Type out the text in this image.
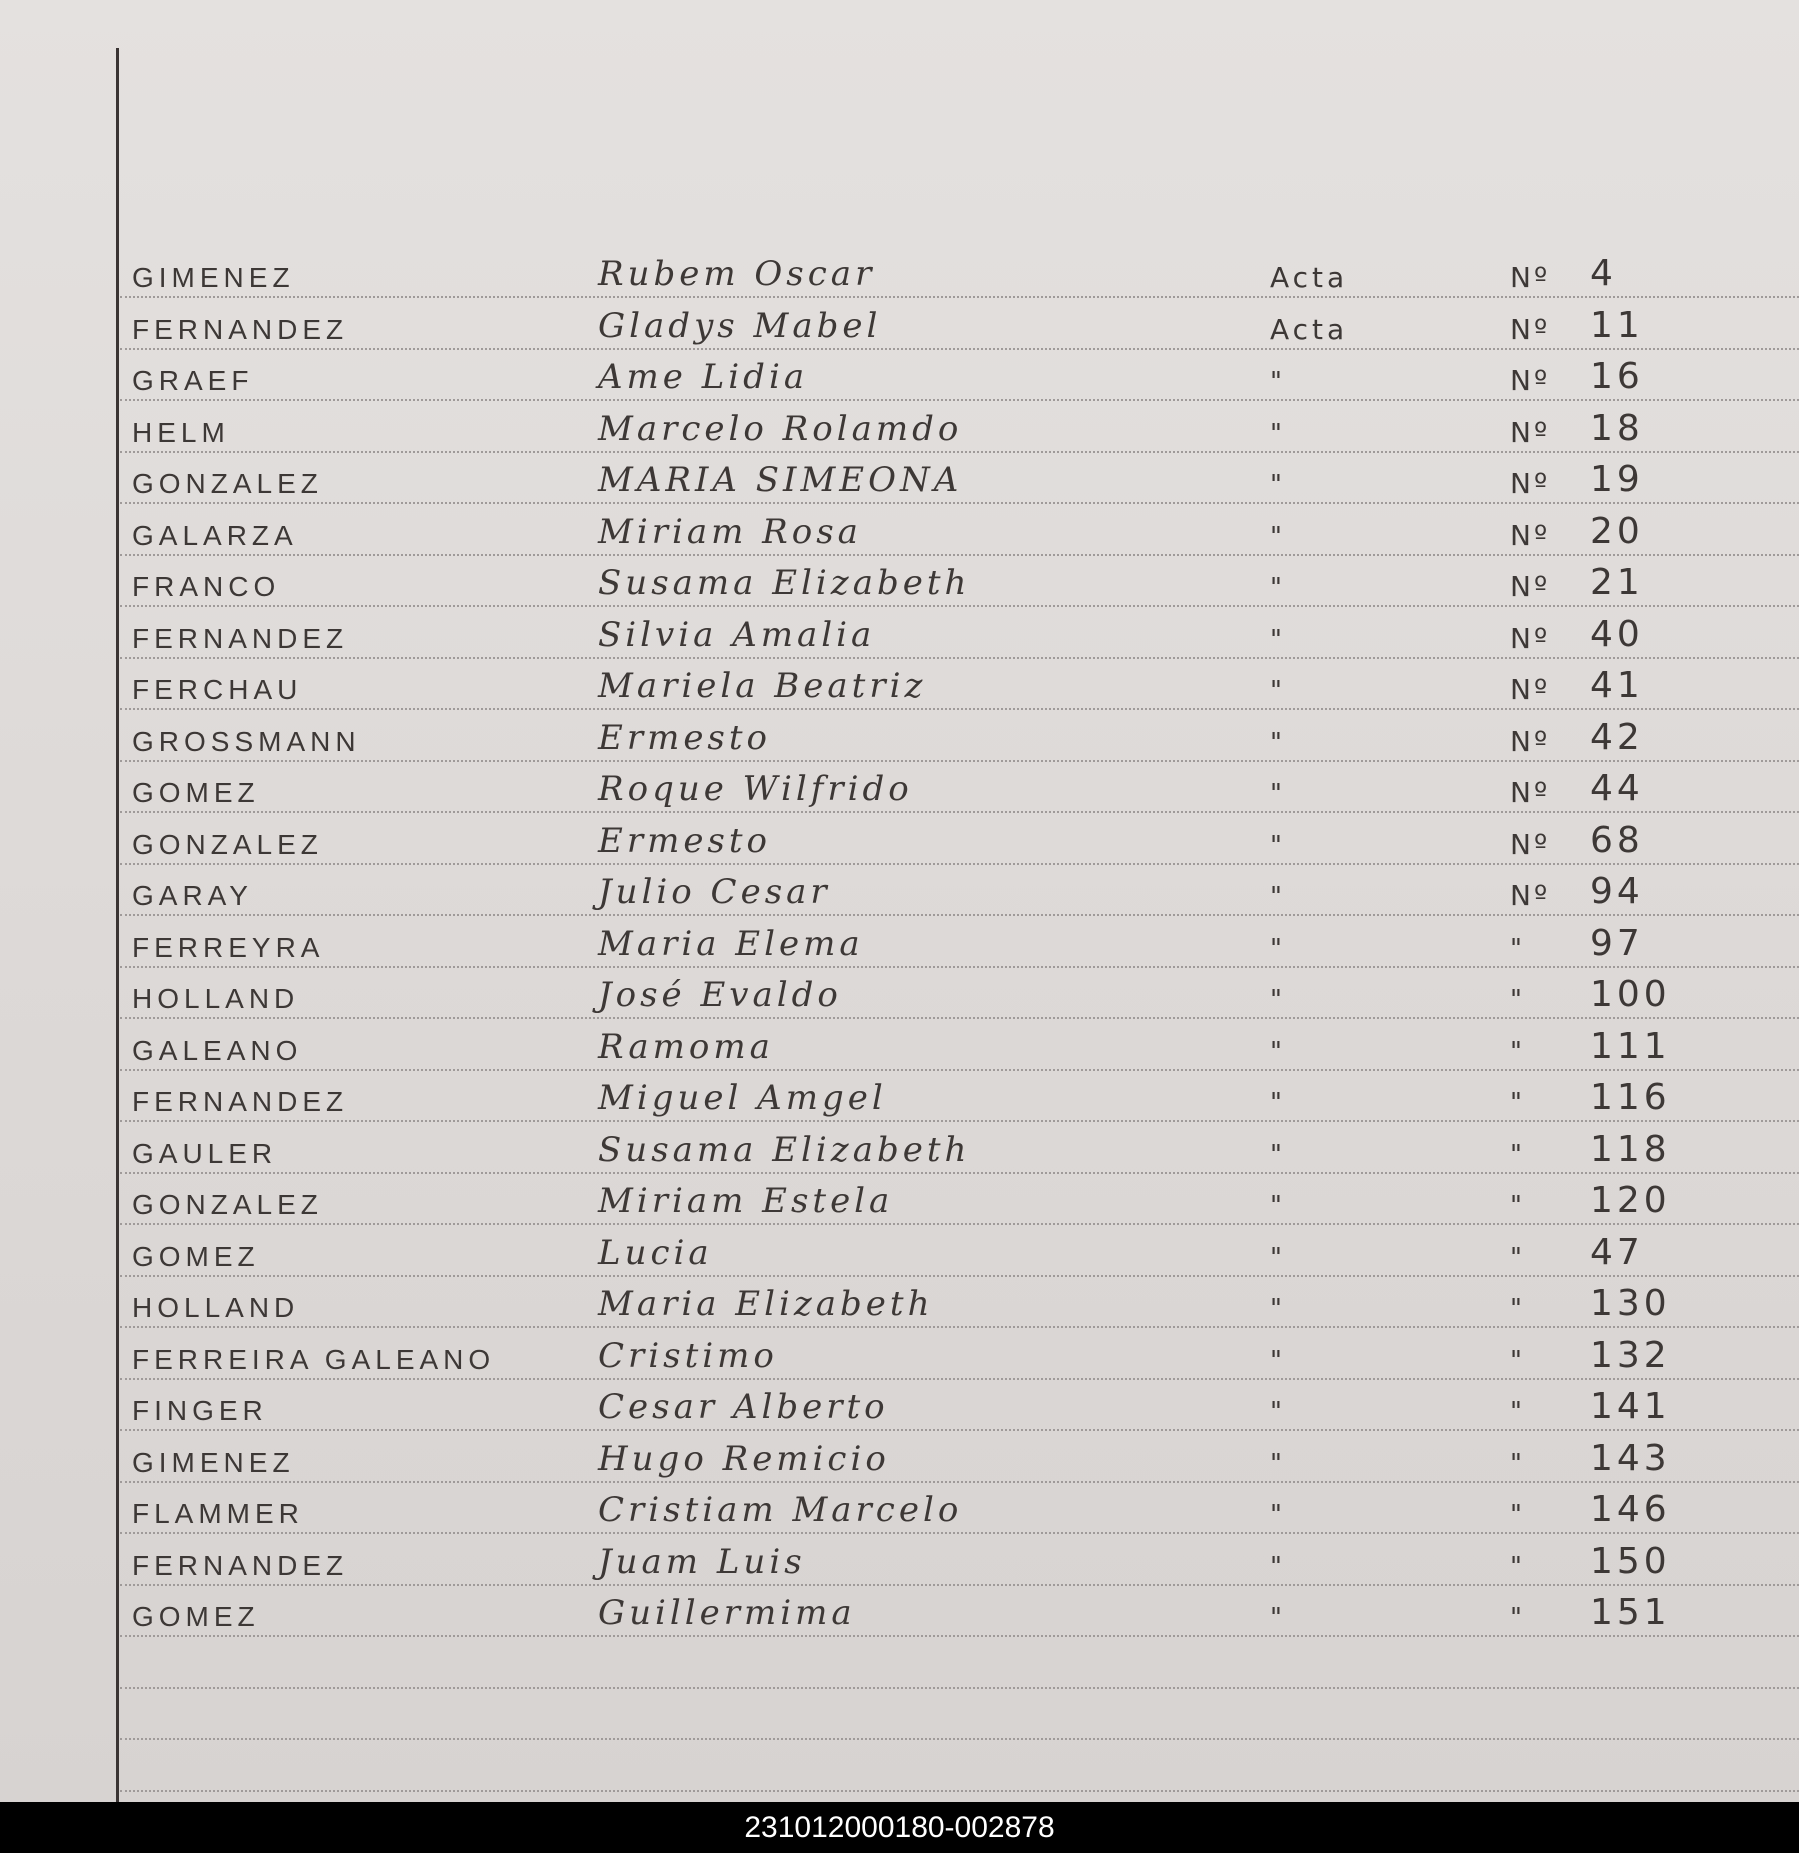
GIMENEZ	Rubem Oscar	Acta	Nº 4
FERNANDEZ	Gladys Mabel	Acta	Nº 11
GRAEF	Ame Lidia	"	Nº 16
HELM	Marcelo Rolamdo	"	Nº 18
GONZALEZ	MARIA SIMEONA	"	Nº 19
GALARZA	Miriam Rosa	"	Nº 20
FRANCO	Susama Elizabeth	"	Nº 21
FERNANDEZ	Silvia Amalia	"	Nº 40
FERCHAU	Mariela Beatriz	"	Nº 41
GROSSMANN	Ermesto	"	Nº 42
GOMEZ	Roque Wilfrido	"	Nº 44
GONZALEZ	Ermesto	"	Nº 68
GARAY	Julio Cesar	"	Nº 94
FERREYRA	Maria Elema	"	" 97
HOLLAND	José Evaldo	"	" 100
GALEANO	Ramoma	"	" 111
FERNANDEZ	Miguel Amgel	"	" 116
GAULER	Susama Elizabeth	"	" 118
GONZALEZ	Miriam Estela	"	" 120
GOMEZ	Lucia	"	" 47
HOLLAND	Maria Elizabeth	"	" 130
FERREIRA GALEANO	Cristimo	"	" 132
FINGER	Cesar Alberto	"	" 141
GIMENEZ	Hugo Remicio	"	" 143
FLAMMER	Cristiam Marcelo	"	" 146
FERNANDEZ	Juam Luis	"	" 150
GOMEZ	Guillermima	"	" 151
231012000180-002878
